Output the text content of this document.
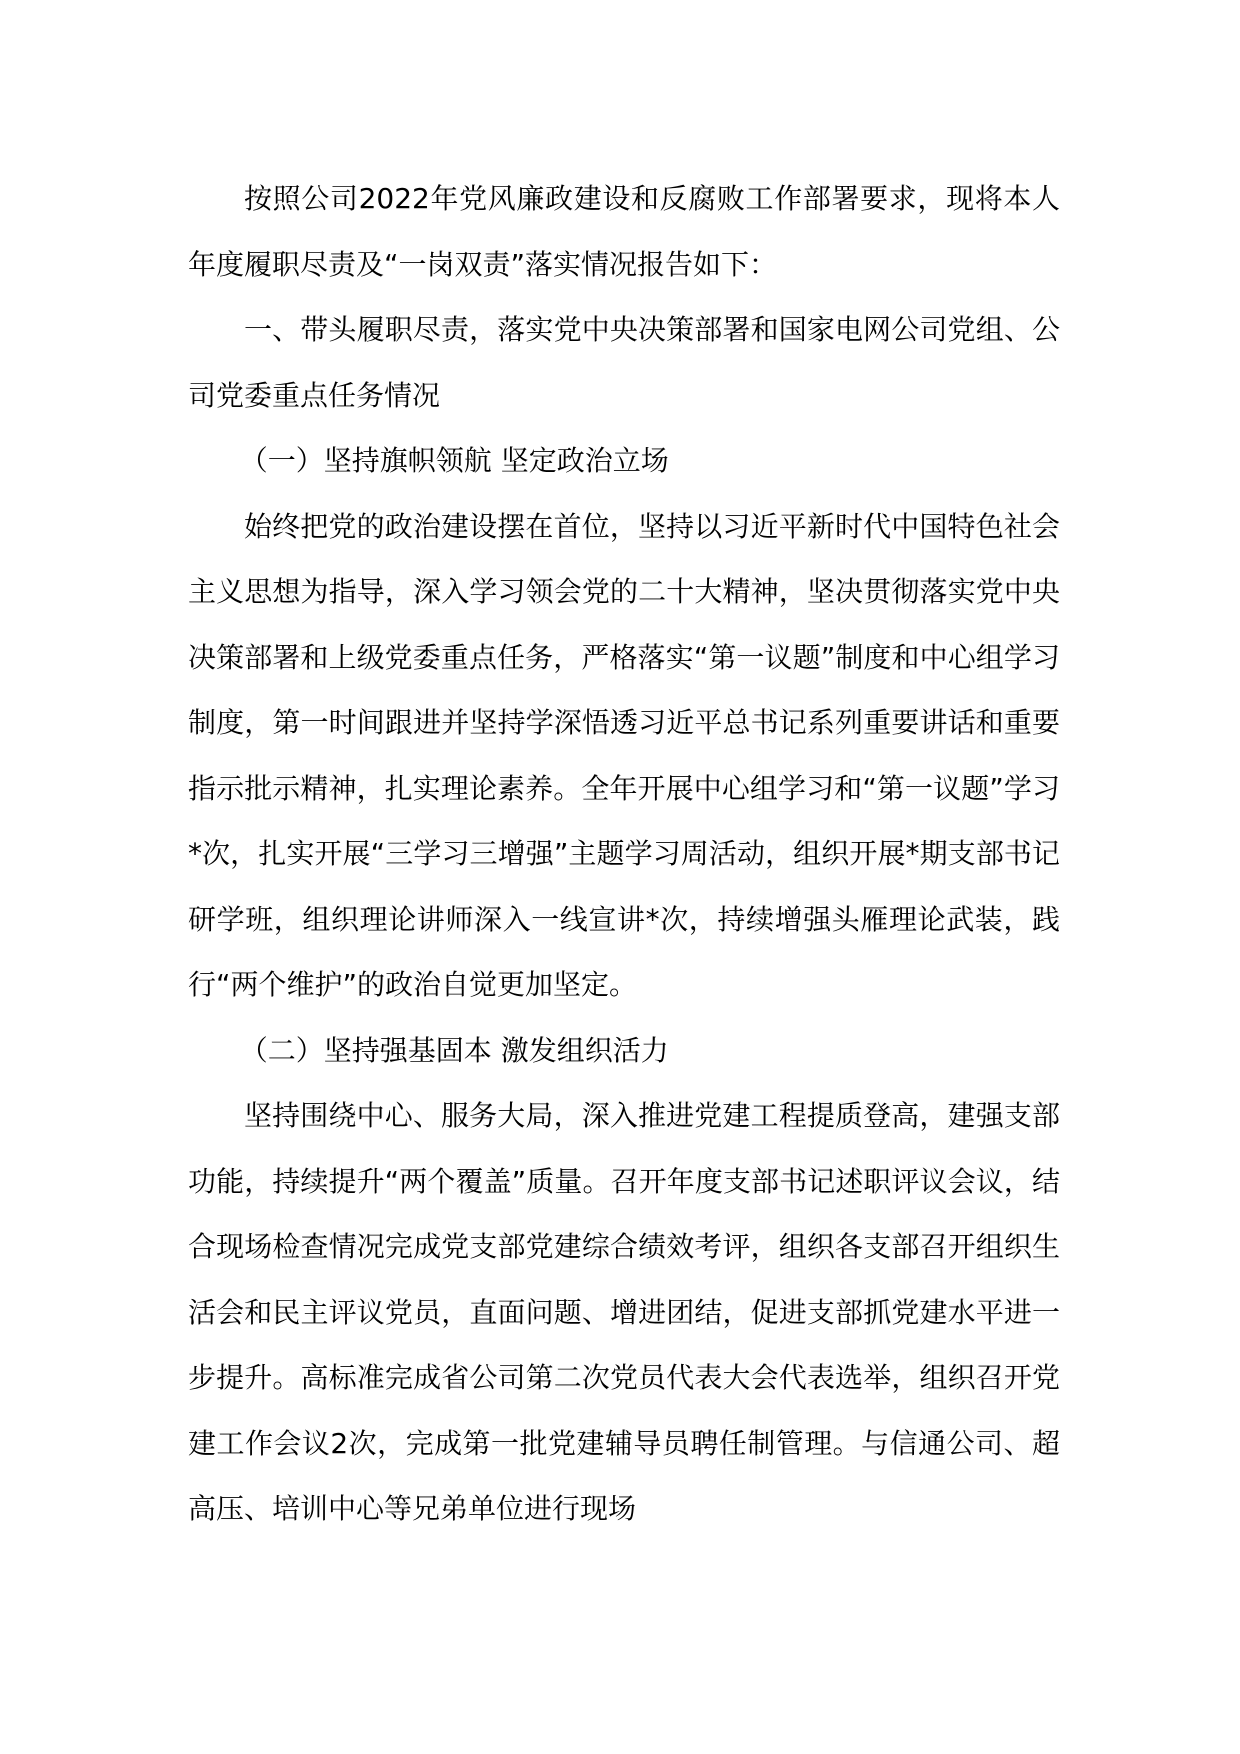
按照公司2022年党风廉政建设和反腐败工作部署要求，现将本人年度履职尽责及“一岗双责”落实情况报告如下：

一、带头履职尽责，落实党中央决策部署和国家电网公司党组、公司党委重点任务情况

（一）坚持旗帜领航 坚定政治立场

始终把党的政治建设摆在首位，坚持以习近平新时代中国特色社会主义思想为指导，深入学习领会党的二十大精神，坚决贯彻落实党中央决策部署和上级党委重点任务，严格落实“第一议题”制度和中心组学习制度，第一时间跟进并坚持学深悟透习近平总书记系列重要讲话和重要指示批示精神，扎实理论素养。全年开展中心组学习和“第一议题”学习*次，扎实开展“三学习三增强”主题学习周活动，组织开展*期支部书记研学班，组织理论讲师深入一线宣讲*次，持续增强头雁理论武装，践行“两个维护”的政治自觉更加坚定。

（二）坚持强基固本 激发组织活力

坚持围绕中心、服务大局，深入推进党建工程提质登高，建强支部功能，持续提升“两个覆盖”质量。召开年度支部书记述职评议会议，结合现场检查情况完成党支部党建综合绩效考评，组织各支部召开组织生活会和民主评议党员，直面问题、增进团结，促进支部抓党建水平进一步提升。高标准完成省公司第二次党员代表大会代表选举，组织召开党建工作会议2次，完成第一批党建辅导员聘任制管理。与信通公司、超高压、培训中心等兄弟单位进行现场
